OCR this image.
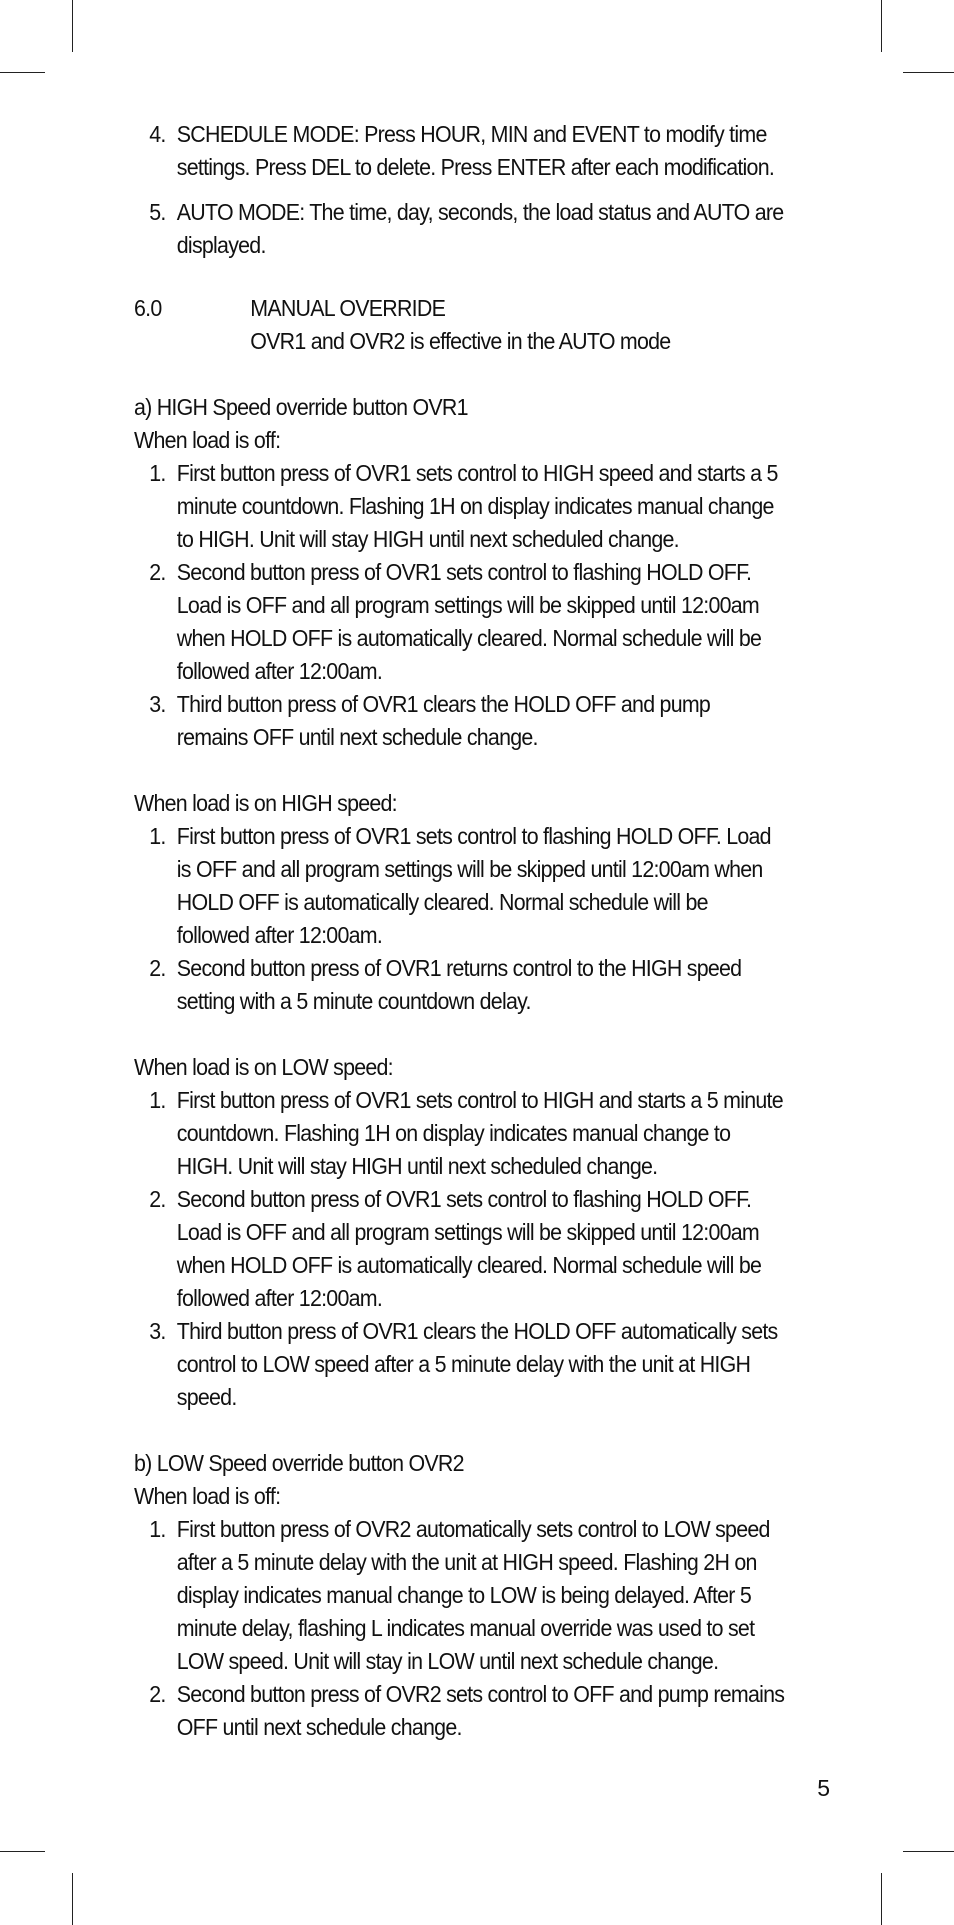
4. SCHEDULE MODE: Press HOUR, MIN and EVENT to modify time settings. Press DEL to delete. Press ENTER after each modification.
5. AUTO MODE: The time, day, seconds, the load status and AUTO are displayed.
6.0	MANUAL OVERRIDE
OVR1 and OVR2 is effective in the AUTO mode
a) HIGH Speed override button OVR1
When load is off:
1. First button press of OVR1 sets control to HIGH speed and starts a 5 minute countdown. Flashing 1H on display indicates manual change to HIGH. Unit will stay HIGH until next scheduled change.
2. Second button press of OVR1 sets control to flashing HOLD OFF. Load is OFF and all program settings will be skipped until 12:00am when HOLD OFF is automatically cleared. Normal schedule will be followed after 12:00am.
3. Third button press of OVR1 clears the HOLD OFF and pump remains OFF until next schedule change.
When load is on HIGH speed:
1. First button press of OVR1 sets control to flashing HOLD OFF. Load is OFF and all program settings will be skipped until 12:00am when HOLD OFF is automatically cleared. Normal schedule will be followed after 12:00am.
2. Second button press of OVR1 returns control to the HIGH speed setting with a 5 minute countdown delay.
When load is on LOW speed:
1. First button press of OVR1 sets control to HIGH and starts a 5 minute countdown. Flashing 1H on display indicates manual change to HIGH. Unit will stay HIGH until next scheduled change.
2. Second button press of OVR1 sets control to flashing HOLD OFF. Load is OFF and all program settings will be skipped until 12:00am when HOLD OFF is automatically cleared. Normal schedule will be followed after 12:00am.
3. Third button press of OVR1 clears the HOLD OFF automatically sets control to LOW speed after a 5 minute delay with the unit at HIGH speed.
b) LOW Speed override button OVR2
When load is off:
1. First button press of OVR2 automatically sets control to LOW speed after a 5 minute delay with the unit at HIGH speed. Flashing 2H on display indicates manual change to LOW is being delayed. After 5 minute delay, flashing L indicates manual override was used to set LOW speed. Unit will stay in LOW until next schedule change.
2. Second button press of OVR2 sets control to OFF and pump remains OFF until next schedule change.
5
